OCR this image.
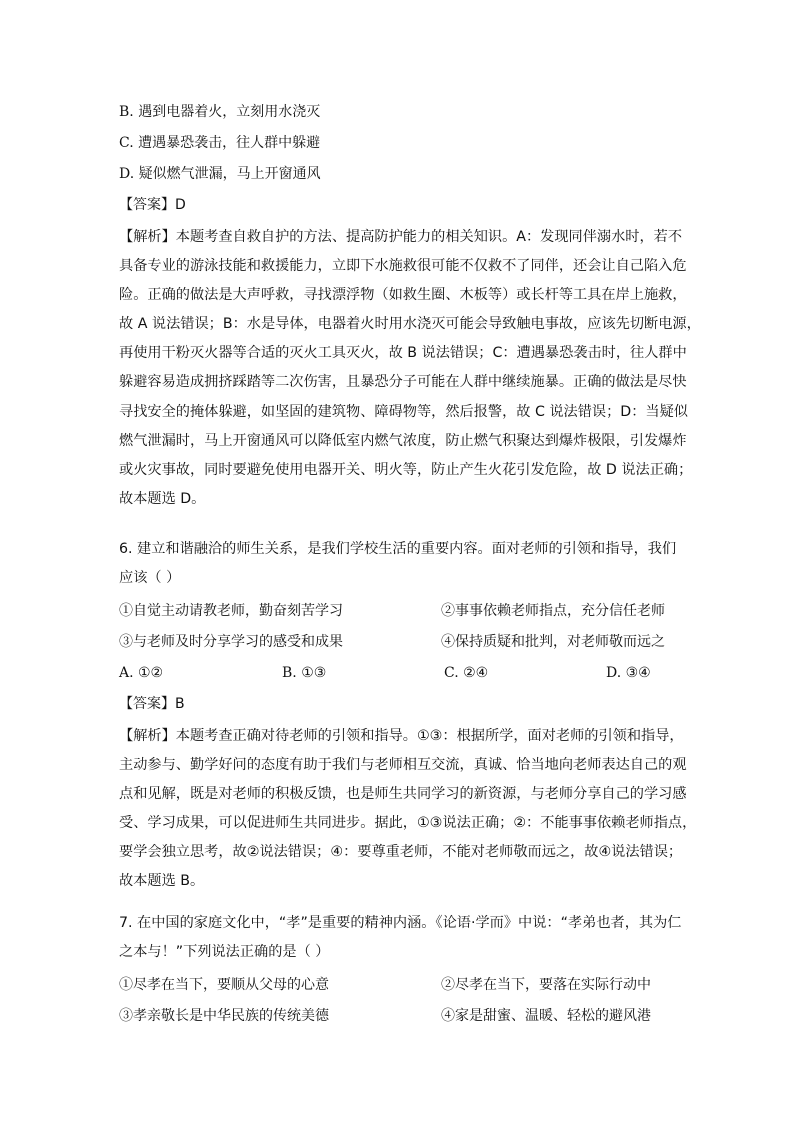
B. 遇到电器着火，立刻用水浇灭
C. 遭遇暴恐袭击，往人群中躲避
D. 疑似燃气泄漏，马上开窗通风
【答案】D
【解析】本题考查自救自护的方法、提高防护能力的相关知识。A：发现同伴溺水时，若不
具备专业的游泳技能和救援能力，立即下水施救很可能不仅救不了同伴，还会让自己陷入危
险。正确的做法是大声呼救，寻找漂浮物（如救生圈、木板等）或长杆等工具在岸上施救，
故 A 说法错误；B：水是导体，电器着火时用水浇灭可能会导致触电事故，应该先切断电源，
再使用干粉灭火器等合适的灭火工具灭火，故 B 说法错误；C：遭遇暴恐袭击时，往人群中
躲避容易造成拥挤踩踏等二次伤害，且暴恐分子可能在人群中继续施暴。正确的做法是尽快
寻找安全的掩体躲避，如坚固的建筑物、障碍物等，然后报警，故 C 说法错误；D：当疑似
燃气泄漏时，马上开窗通风可以降低室内燃气浓度，防止燃气积聚达到爆炸极限，引发爆炸
或火灾事故，同时要避免使用电器开关、明火等，防止产生火花引发危险，故 D 说法正确；
故本题选 D。
6. 建立和谐融洽的师生关系，是我们学校生活的重要内容。面对老师的引领和指导，我们
应该（ ）
①自觉主动请教老师，勤奋刻苦学习	②事事依赖老师指点，充分信任老师
③与老师及时分享学习的感受和成果	④保持质疑和批判，对老师敬而远之
A. ①②	B. ①③	C. ②④	D. ③④
【答案】B
【解析】本题考查正确对待老师的引领和指导。①③：根据所学，面对老师的引领和指导，
主动参与、勤学好问的态度有助于我们与老师相互交流，真诚、恰当地向老师表达自己的观
点和见解，既是对老师的积极反馈，也是师生共同学习的新资源，与老师分享自己的学习感
受、学习成果，可以促进师生共同进步。据此，①③说法正确；②：不能事事依赖老师指点，
要学会独立思考，故②说法错误；④：要尊重老师，不能对老师敬而远之，故④说法错误；
故本题选 B。
7. 在中国的家庭文化中，“孝”是重要的精神内涵。《论语·学而》中说：“孝弟也者，其为仁
之本与！”下列说法正确的是（ ）
①尽孝在当下，要顺从父母的心意	②尽孝在当下，要落在实际行动中
③孝亲敬长是中华民族的传统美德	④家是甜蜜、温暖、轻松的避风港
